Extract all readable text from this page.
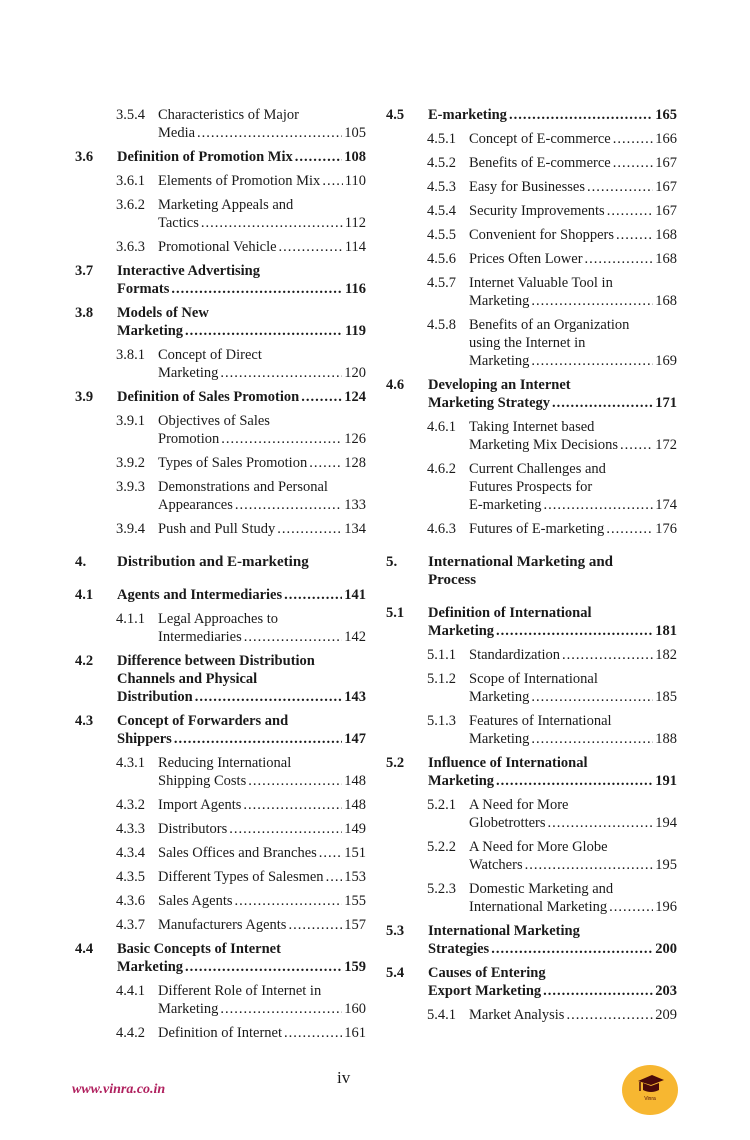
3.5.4 Characteristics of Major
Media .....	105
3.6	Definition of Promotion Mix .....	108
3.6.1 Elements of Promotion Mix ..... 110
3.6.2 Marketing Appeals and
Tactics .....	112
3.6.3 Promotional Vehicle .....	114
3.7	Interactive Advertising
Formats .....	116
3.8	Models of New
Marketing .....	119
3.8.1 Concept of Direct
Marketing .....	120
3.9	Definition of Sales Promotion .....	124
3.9.1 Objectives of Sales
Promotion .....	126
3.9.2 Types of Sales Promotion .....	128
3.9.3 Demonstrations and Personal
Appearances .....	133
3.9.4 Push and Pull Study .....	134
4.	Distribution and E-marketing
4.1	Agents and Intermediaries .....	141
4.1.1 Legal Approaches to
Intermediaries .....	142
4.2	Difference between Distribution
Channels and Physical
Distribution .....	143
4.3	Concept of Forwarders and
Shippers .....	147
4.3.1 Reducing International
Shipping Costs .....	148
4.3.2 Import Agents .....	148
4.3.3 Distributors .....	149
4.3.4 Sales Offices and Branches ..... 151
4.3.5 Different Types of Salesmen ..... 153
4.3.6 Sales Agents .....	155
4.3.7 Manufacturers Agents .....	157
4.4	Basic Concepts of Internet
Marketing .....	159
4.4.1 Different Role of Internet in
Marketing .....	160
4.4.2 Definition of Internet .....	161
4.5	E-marketing .....	165
4.5.1 Concept of E-commerce .....	166
4.5.2 Benefits of E-commerce .....	167
4.5.3 Easy for Businesses .....	167
4.5.4 Security Improvements .....	167
4.5.5 Convenient for Shoppers .....	168
4.5.6 Prices Often Lower .....	168
4.5.7 Internet Valuable Tool in
Marketing .....	168
4.5.8 Benefits of an Organization
using the Internet in
Marketing .....	169
4.6	Developing an Internet
Marketing Strategy .....	171
4.6.1 Taking Internet based
Marketing Mix Decisions .....	172
4.6.2 Current Challenges and
Futures Prospects for
E-marketing .....	174
4.6.3 Futures of E-marketing .....	176
5.	International Marketing and
Process
5.1	Definition of International
Marketing .....	181
5.1.1 Standardization .....	182
5.1.2 Scope of International
Marketing .....	185
5.1.3 Features of International
Marketing .....	188
5.2	Influence of International
Marketing .....	191
5.2.1 A Need for More
Globetrotters .....	194
5.2.2 A Need for More Globe
Watchers .....	195
5.2.3 Domestic Marketing and
International Marketing .....	196
5.3	International Marketing
Strategies .....	200
5.4	Causes of Entering
Export Marketing .....	203
5.4.1 Market Analysis .....	209
www.vinra.co.in
iv
Vinra
